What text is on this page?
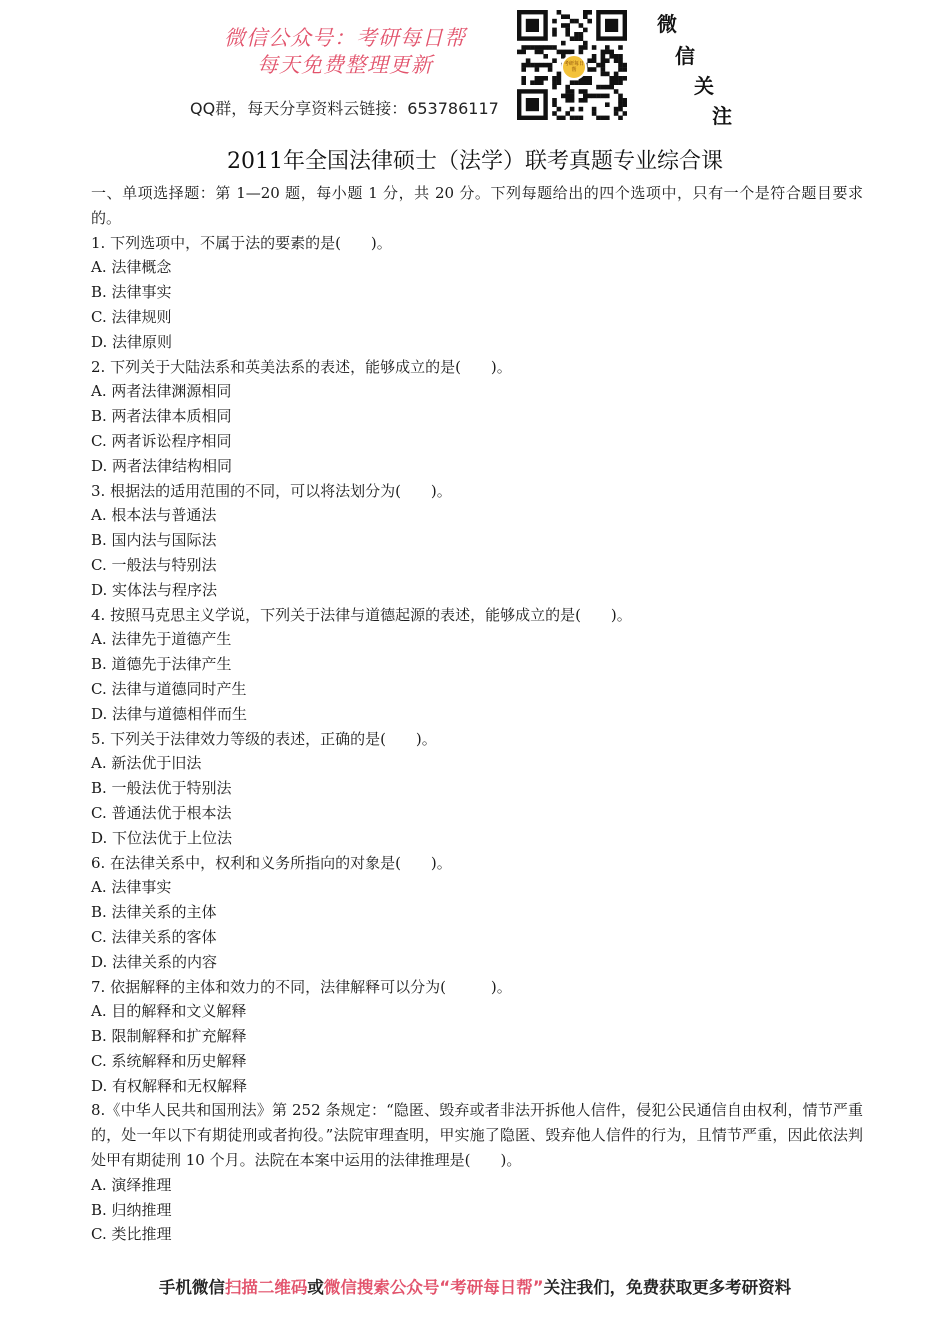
微信公众号：考研每日帮
每天免费整理更新
QQ群，每天分享资料云链接：653786117
考研每日帮
微
信
关
注
2011年全国法律硕士（法学）联考真题专业综合课
一、单项选择题：第 1—20 题，每小题 1 分，共 20 分。下列每题给出的四个选项中，只有一个是符合题目要求的。
1. 下列选项中，不属于法的要素的是(　　)。
A. 法律概念
B. 法律事实
C. 法律规则
D. 法律原则
2. 下列关于大陆法系和英美法系的表述，能够成立的是(　　)。
A. 两者法律渊源相同
B. 两者法律本质相同
C. 两者诉讼程序相同
D. 两者法律结构相同
3. 根据法的适用范围的不同，可以将法划分为(　　)。
A. 根本法与普通法
B. 国内法与国际法
C. 一般法与特别法
D. 实体法与程序法
4. 按照马克思主义学说，下列关于法律与道德起源的表述，能够成立的是(　　)。
A. 法律先于道德产生
B. 道德先于法律产生
C. 法律与道德同时产生
D. 法律与道德相伴而生
5. 下列关于法律效力等级的表述，正确的是(　　)。
A. 新法优于旧法
B. 一般法优于特别法
C. 普通法优于根本法
D. 下位法优于上位法
6. 在法律关系中，权利和义务所指向的对象是(　　)。
A. 法律事实
B. 法律关系的主体
C. 法律关系的客体
D. 法律关系的内容
7. 依据解释的主体和效力的不同，法律解释可以分为(　　　)。
A. 目的解释和文义解释
B. 限制解释和扩充解释
C. 系统解释和历史解释
D. 有权解释和无权解释
8.《中华人民共和国刑法》第 252 条规定：“隐匿、毁弃或者非法开拆他人信件，侵犯公民通信自由权利，情节严重的，处一年以下有期徒刑或者拘役。”法院审理查明，甲实施了隐匿、毁弃他人信件的行为，且情节严重，因此依法判处甲有期徒刑 10 个月。法院在本案中运用的法律推理是(　　)。
A. 演绎推理
B. 归纳推理
C. 类比推理
手机微信扫描二维码或微信搜索公众号“考研每日帮”关注我们，免费获取更多考研资料
